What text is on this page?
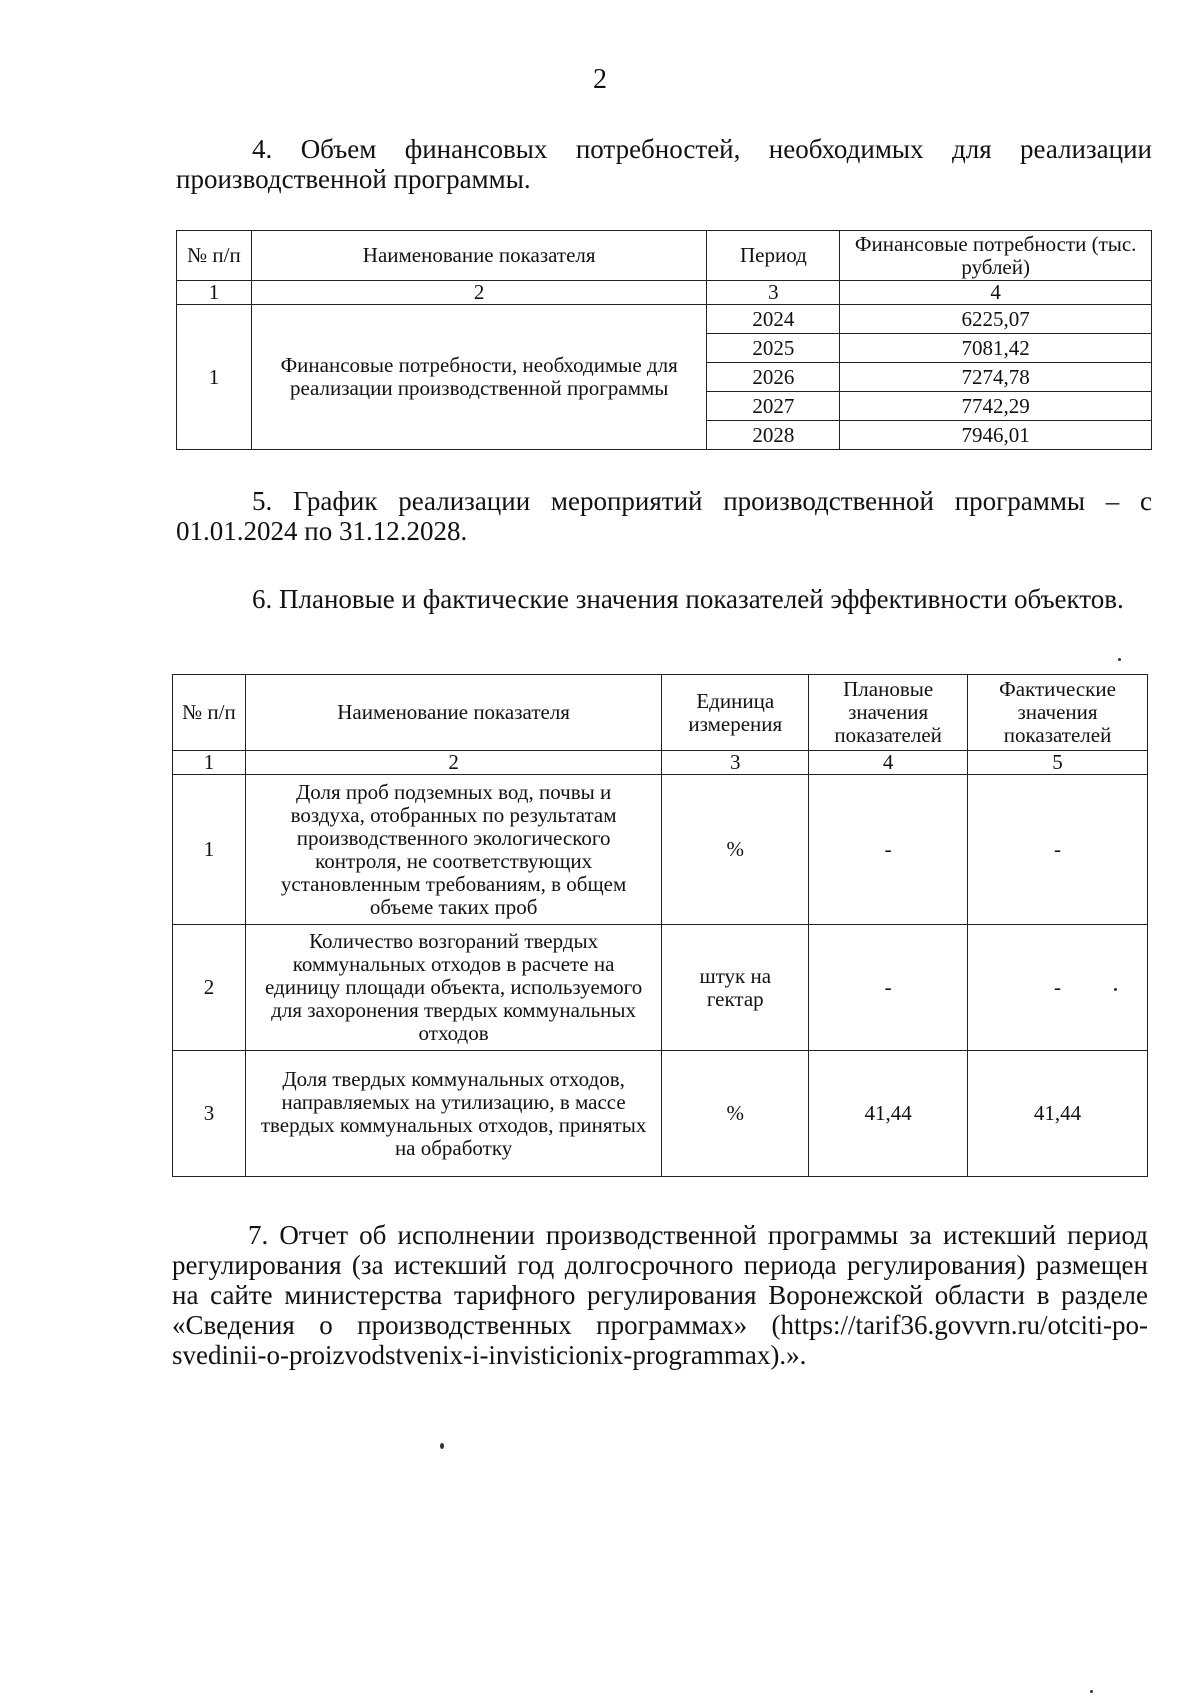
2
4. Объем финансовых потребностей, необходимых для реализации производственной программы.
№ п/п	Наименование показателя	Период	Финансовые потребности (тыс. рублей)
1	2	3	4
1	Финансовые потребности, необходимые для реализации производственной программы	2024	6225,07
		2025	7081,42
		2026	7274,78
		2027	7742,29
		2028	7946,01
5. График реализации мероприятий производственной программы – с 01.01.2024 по 31.12.2028.
6. Плановые и фактические значения показателей эффективности объектов.
№ п/п	Наименование показателя	Единица измерения	Плановые значения показателей	Фактические значения показателей
1	2	3	4	5
1	Доля проб подземных вод, почвы и воздуха, отобранных по результатам производственного экологического контроля, не соответствующих установленным требованиям, в общем объеме таких проб	%	-	-
2	Количество возгораний твердых коммунальных отходов в расчете на единицу площади объекта, используемого для захоронения твердых коммунальных отходов	штук на гектар	-	-
3	Доля твердых коммунальных отходов, направляемых на утилизацию, в массе твердых коммунальных отходов, принятых на обработку	%	41,44	41,44
7. Отчет об исполнении производственной программы за истекший период регулирования (за истекший год долгосрочного периода регулирования) размещен на сайте министерства тарифного регулирования Воронежской области в разделе «Сведения о производственных программах» (https://tarif36.govvrn.ru/otciti-po-svedinii-o-proizvodstvenix-i-invisticionix-programmax).».
